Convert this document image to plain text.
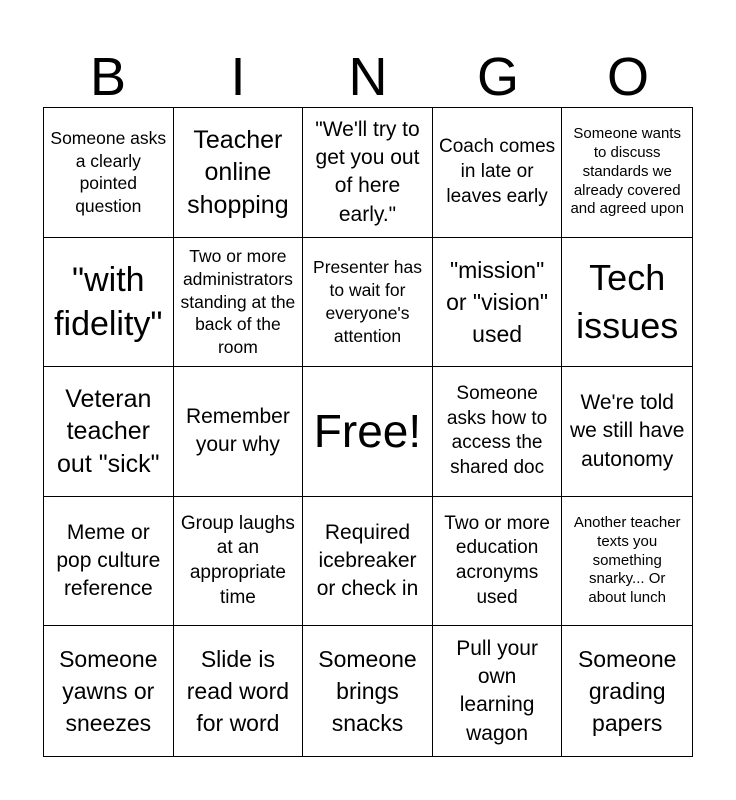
B	I	N	G	O
Someone asks a clearly pointed question
Teacher online shopping
"We'll try to get you out of here early."
Coach comes in late or leaves early
Someone wants to discuss standards we already covered and agreed upon
"with fidelity"
Two or more administrators standing at the back of the room
Presenter has to wait for everyone's attention
"mission" or "vision" used
Tech issues
Veteran teacher out "sick"
Remember your why Free!
Someone asks how to access the shared doc
We're told we still have autonomy
Meme or pop culture reference
Group laughs at an appropriate time
Required icebreaker or check in
Two or more education acronyms used
Another teacher texts you something snarky... Or about lunch
Someone yawns or sneezes
Slide is read word for word
Someone brings snacks
Pull your own learning wagon
Someone grading papers
